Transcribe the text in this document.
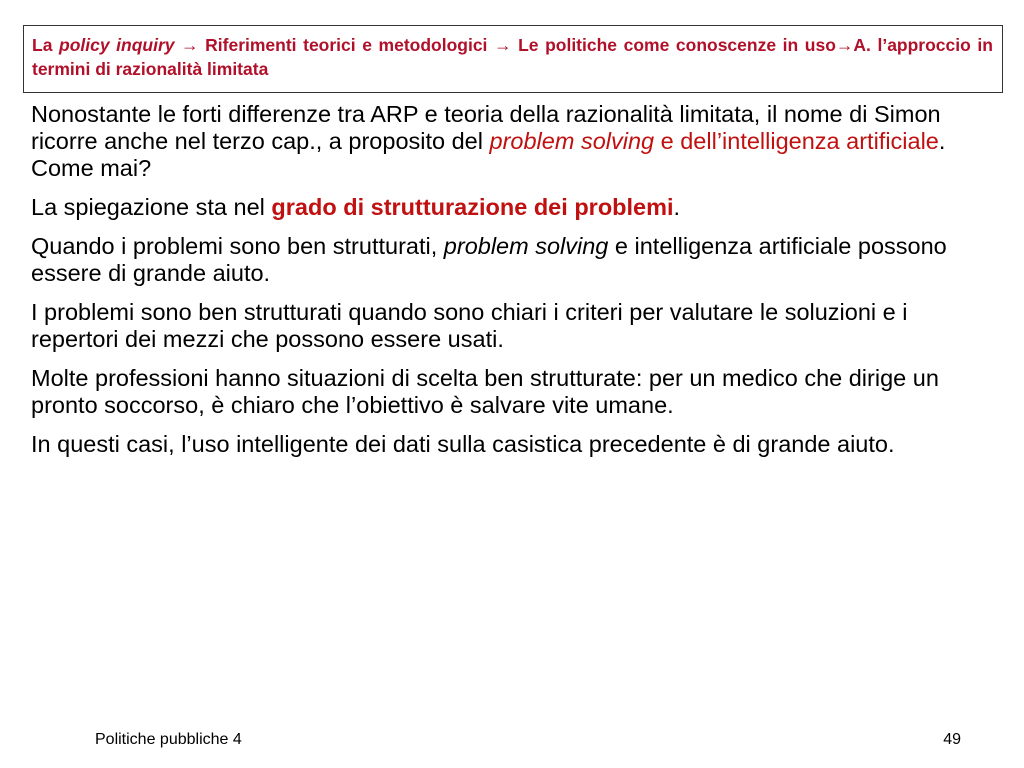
La policy inquiry → Riferimenti teorici e metodologici → Le politiche come conoscenze in uso→A. l’approccio in termini di razionalità limitata

Nonostante le forti differenze tra ARP e teoria della razionalità limitata, il nome di Simon ricorre anche nel terzo cap., a proposito del problem solving e dell’intelligenza artificiale. Come mai?

La spiegazione sta nel grado di strutturazione dei problemi.

Quando i problemi sono ben strutturati, problem solving e intelligenza artificiale possono essere di grande aiuto.

I problemi sono ben strutturati quando sono chiari i criteri per valutare le soluzioni e i repertori dei mezzi che possono essere usati.

Molte professioni hanno situazioni di scelta ben strutturate: per un medico che dirige un pronto soccorso, è chiaro che l’obiettivo è salvare vite umane.

In questi casi, l’uso intelligente dei dati sulla casistica precedente è di grande aiuto.

Politiche pubbliche 4	49
